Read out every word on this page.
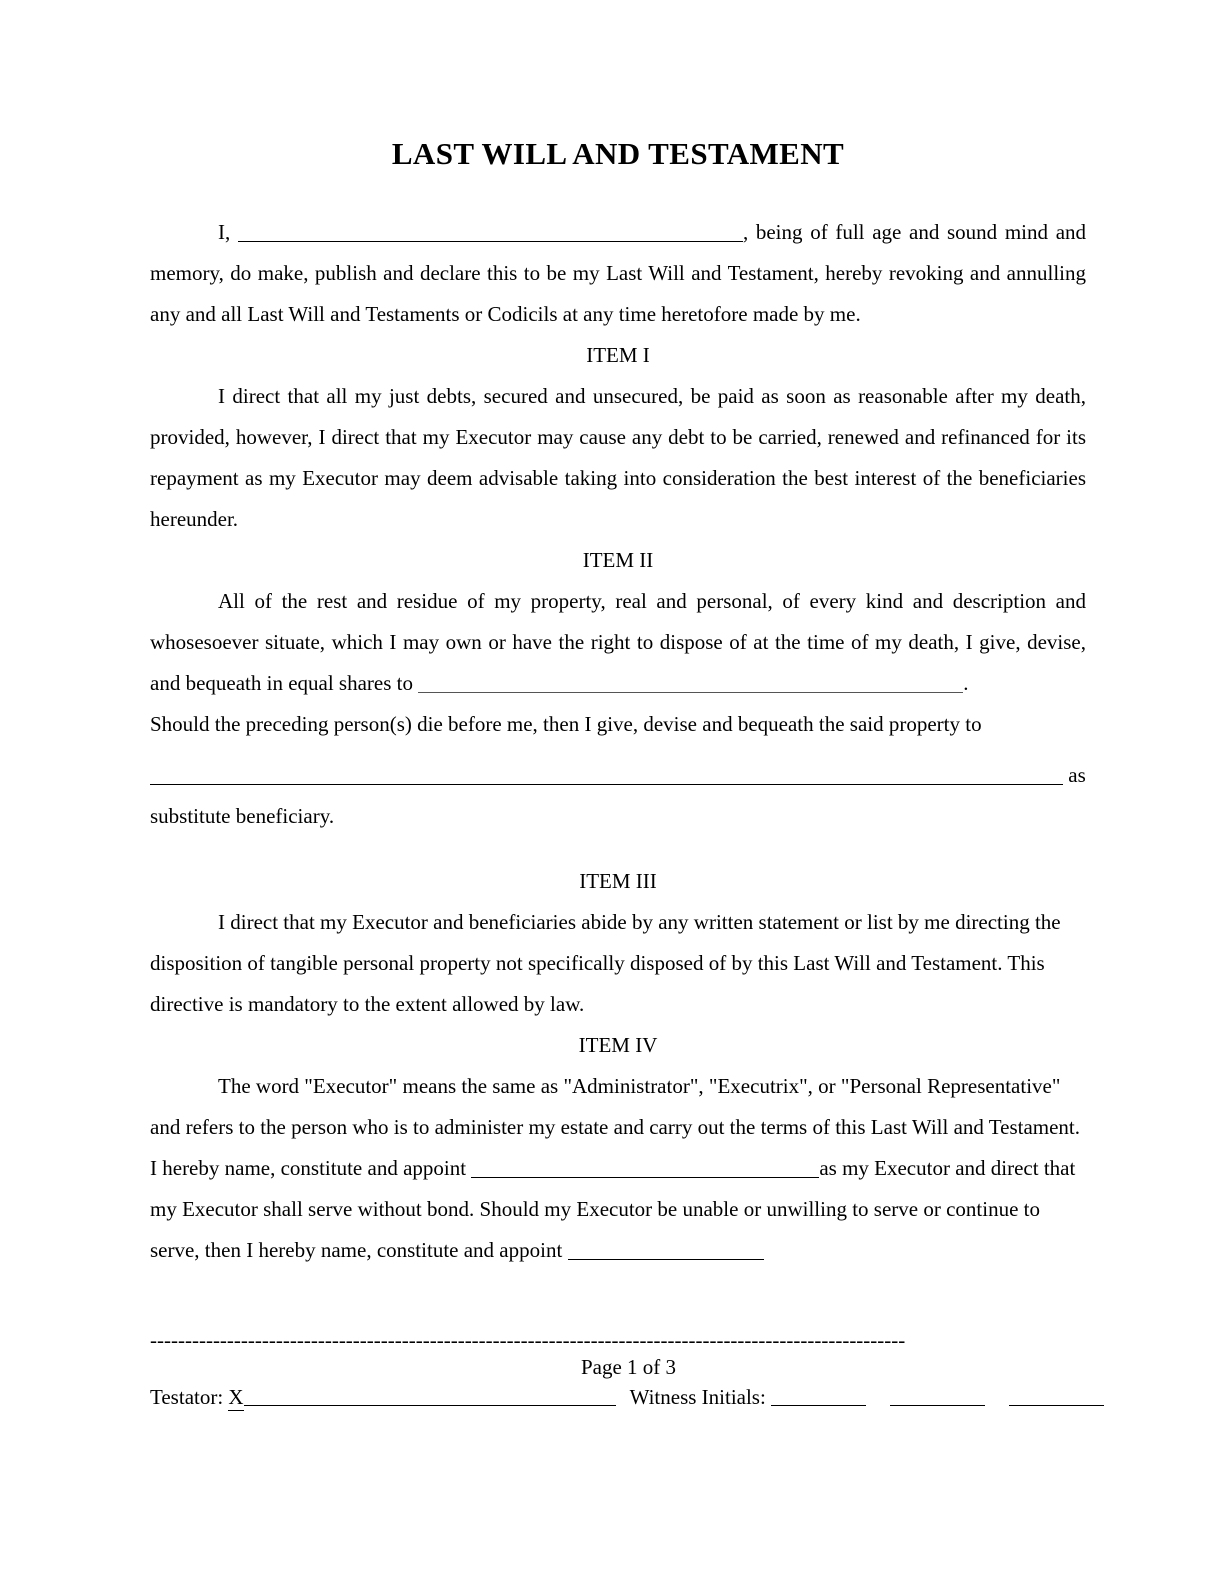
LAST WILL AND TESTAMENT

I,	, being of full age and sound mind and memory, do make, publish and declare this to be my Last Will and Testament, hereby revoking and annulling any and all Last Will and Testaments or Codicils at any time heretofore made by me.

ITEM I

I direct that all my just debts, secured and unsecured, be paid as soon as reasonable after my death, provided, however, I direct that my Executor may cause any debt to be carried, renewed and refinanced for its repayment as my Executor may deem advisable taking into consideration the best interest of the beneficiaries hereunder.

ITEM II

All of the rest and residue of my property, real and personal, of every kind and description and whosesoever situate, which I may own or have the right to dispose of at the time of my death, I give, devise, and bequeath in equal shares to	.

Should the preceding person(s) die before me, then I give, devise and bequeath the said property to

as

substitute beneficiary.

ITEM III

I direct that my Executor and beneficiaries abide by any written statement or list by me directing the disposition of tangible personal property not specifically disposed of by this Last Will and Testament. This directive is mandatory to the extent allowed by law.

ITEM IV

The word "Executor" means the same as "Administrator", "Executrix", or "Personal Representative" and refers to the person who is to administer my estate and carry out the terms of this Last Will and Testament. I hereby name, constitute and appoint	as my Executor and direct that my Executor shall serve without bond. Should my Executor be unable or unwilling to serve or continue to serve, then I hereby name, constitute and appoint

------------------------------------------------------------------------------------------------------------
Page 1 of 3
Testator: X	Witness Initials:
